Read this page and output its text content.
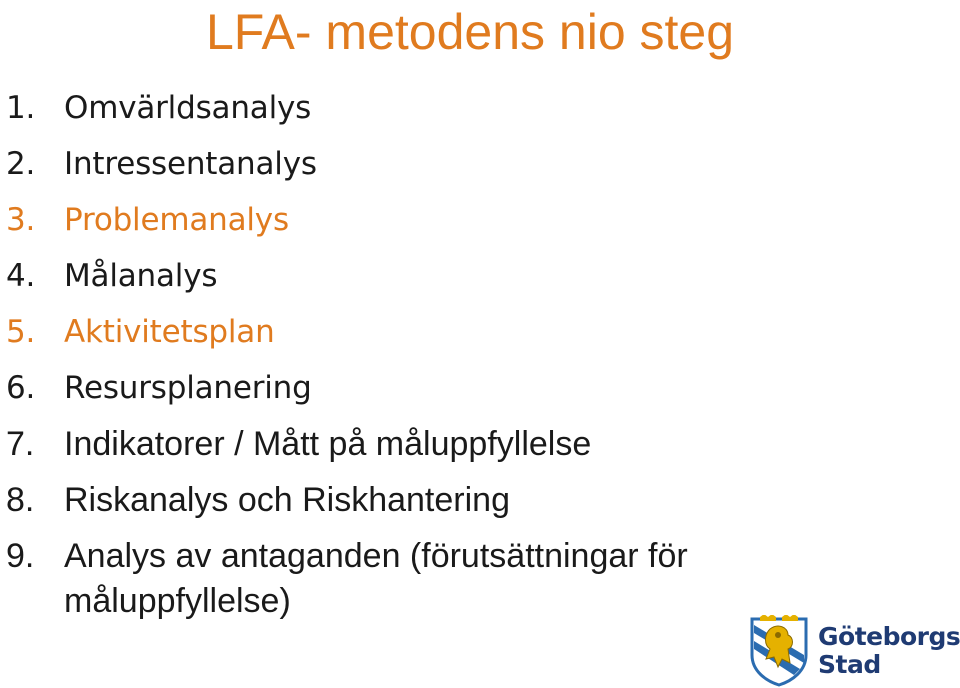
LFA- metodens nio steg
1. Omvärldsanalys
2. Intressentanalys
3. Problemanalys
4. Målanalys
5. Aktivitetsplan
6. Resursplanering
7. Indikatorer / Mått på måluppfyllelse
8. Riskanalys och Riskhantering
9. Analys av antaganden (förutsättningar för måluppfyllelse)
Göteborgs
Stad
